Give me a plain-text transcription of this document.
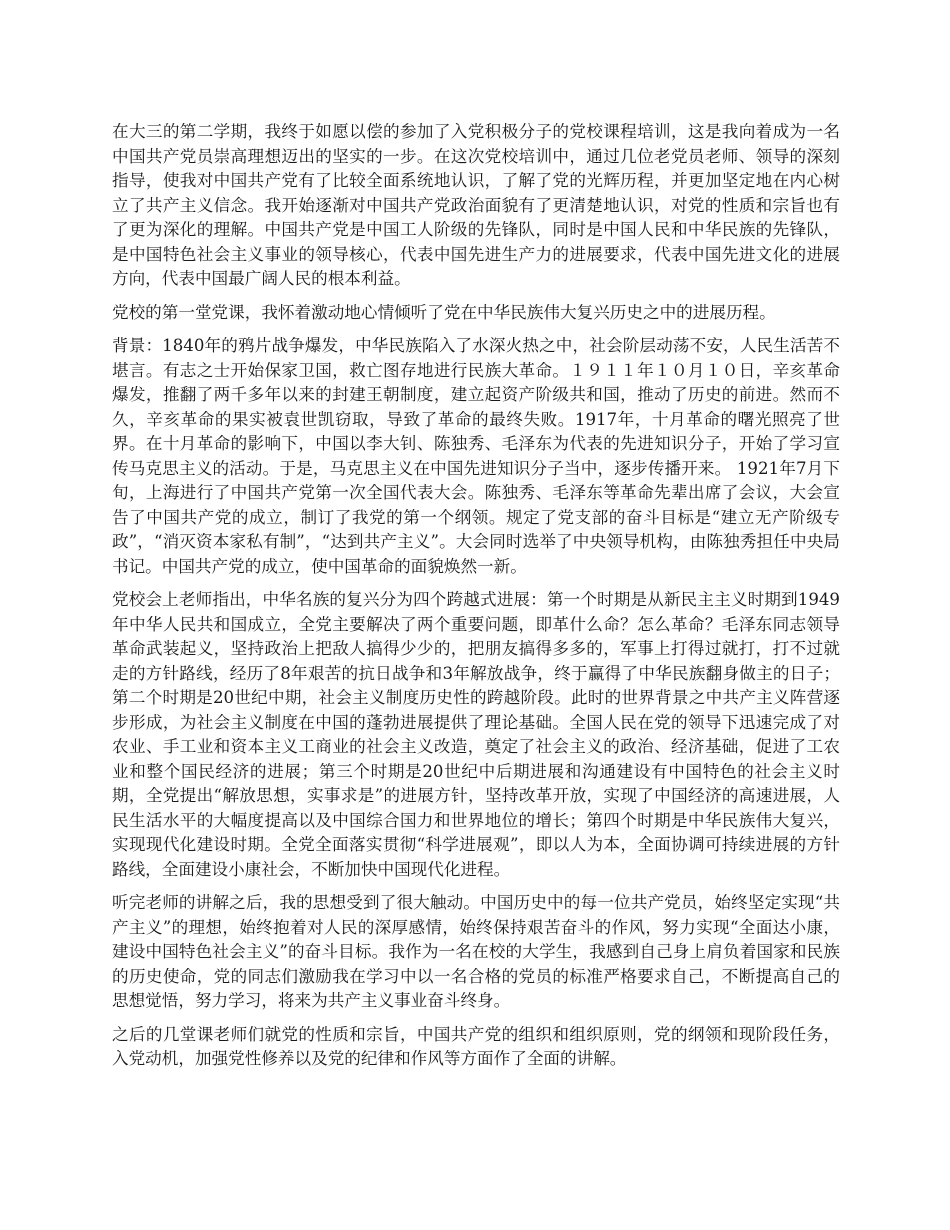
在大三的第二学期，我终于如愿以偿的参加了入党积极分子的党校课程培训，这是我向着成为一名中国共产党员崇高理想迈出的坚实的一步。在这次党校培训中，通过几位老党员老师、领导的深刻指导，使我对中国共产党有了比较全面系统地认识，了解了党的光辉历程，并更加坚定地在内心树立了共产主义信念。我开始逐渐对中国共产党政治面貌有了更清楚地认识，对党的性质和宗旨也有了更为深化的理解。中国共产党是中国工人阶级的先锋队，同时是中国人民和中华民族的先锋队，是中国特色社会主义事业的领导核心，代表中国先进生产力的进展要求，代表中国先进文化的进展方向，代表中国最广阔人民的根本利益。

党校的第一堂党课，我怀着激动地心情倾听了党在中华民族伟大复兴历史之中的进展历程。

背景：1840年的鸦片战争爆发，中华民族陷入了水深火热之中，社会阶层动荡不安，人民生活苦不堪言。有志之士开始保家卫国，救亡图存地进行民族大革命。１９１１年１０月１０日，辛亥革命爆发，推翻了两千多年以来的封建王朝制度，建立起资产阶级共和国，推动了历史的前进。然而不久，辛亥革命的果实被袁世凯窃取，导致了革命的最终失败。1917年，十月革命的曙光照亮了世界。在十月革命的影响下，中国以李大钊、陈独秀、毛泽东为代表的先进知识分子，开始了学习宣传马克思主义的活动。于是，马克思主义在中国先进知识分子当中，逐步传播开来。 1921年7月下旬，上海进行了中国共产党第一次全国代表大会。陈独秀、毛泽东等革命先辈出席了会议，大会宣告了中国共产党的成立，制订了我党的第一个纲领。规定了党支部的奋斗目标是“建立无产阶级专政”，“消灭资本家私有制”，“达到共产主义”。大会同时选举了中央领导机构，由陈独秀担任中央局书记。中国共产党的成立，使中国革命的面貌焕然一新。

党校会上老师指出，中华名族的复兴分为四个跨越式进展：第一个时期是从新民主主义时期到1949年中华人民共和国成立，全党主要解决了两个重要问题，即革什么命？怎么革命？毛泽东同志领导革命武装起义，坚持政治上把敌人搞得少少的，把朋友搞得多多的，军事上打得过就打，打不过就走的方针路线，经历了8年艰苦的抗日战争和3年解放战争，终于赢得了中华民族翻身做主的日子；第二个时期是20世纪中期，社会主义制度历史性的跨越阶段。此时的世界背景之中共产主义阵营逐步形成，为社会主义制度在中国的蓬勃进展提供了理论基础。全国人民在党的领导下迅速完成了对农业、手工业和资本主义工商业的社会主义改造，奠定了社会主义的政治、经济基础，促进了工农业和整个国民经济的进展；第三个时期是20世纪中后期进展和沟通建设有中国特色的社会主义时期，全党提出“解放思想，实事求是”的进展方针，坚持改革开放，实现了中国经济的高速进展，人民生活水平的大幅度提高以及中国综合国力和世界地位的增长；第四个时期是中华民族伟大复兴，实现现代化建设时期。全党全面落实贯彻“科学进展观”，即以人为本，全面协调可持续进展的方针路线，全面建设小康社会，不断加快中国现代化进程。

听完老师的讲解之后，我的思想受到了很大触动。中国历史中的每一位共产党员，始终坚定实现“共产主义”的理想，始终抱着对人民的深厚感情，始终保持艰苦奋斗的作风，努力实现“全面达小康，建设中国特色社会主义”的奋斗目标。我作为一名在校的大学生，我感到自己身上肩负着国家和民族的历史使命，党的同志们激励我在学习中以一名合格的党员的标准严格要求自己，不断提高自己的思想觉悟，努力学习，将来为共产主义事业奋斗终身。

之后的几堂课老师们就党的性质和宗旨，中国共产党的组织和组织原则，党的纲领和现阶段任务，入党动机，加强党性修养以及党的纪律和作风等方面作了全面的讲解。
